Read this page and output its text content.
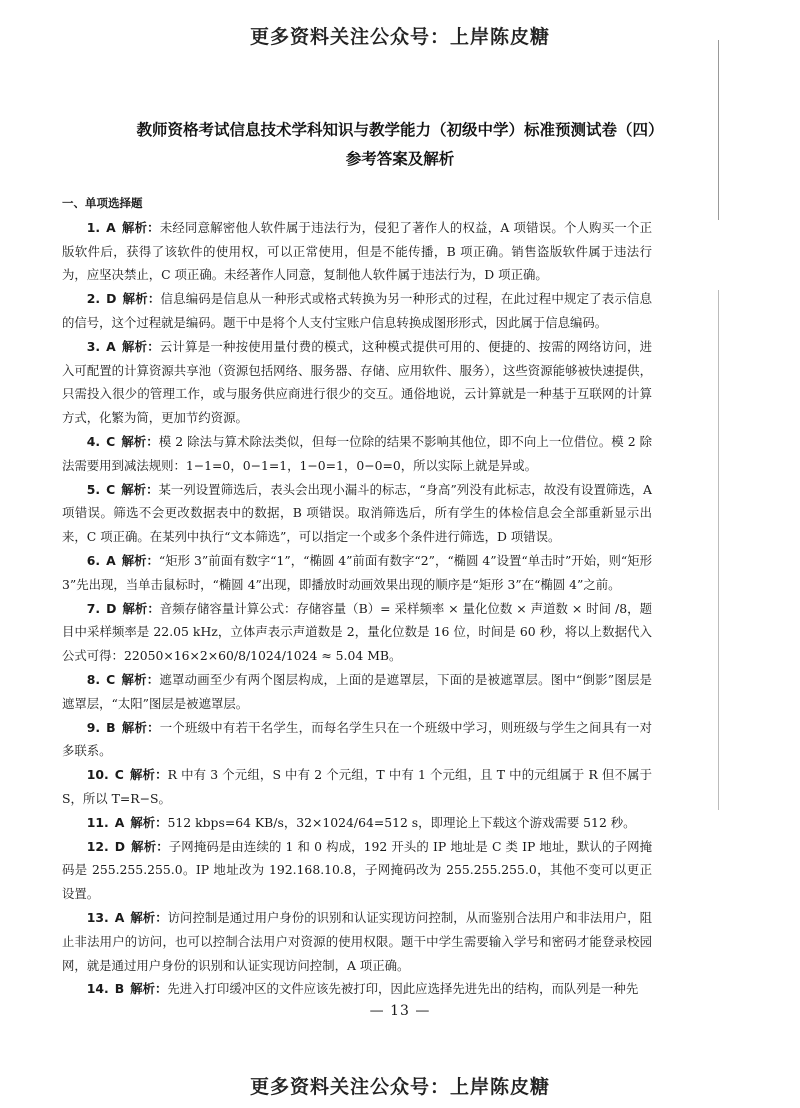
更多资料关注公众号：上岸陈皮糖
教师资格考试信息技术学科知识与教学能力（初级中学）标准预测试卷（四）
参考答案及解析

一、单项选择题

1. A 解析：未经同意解密他人软件属于违法行为，侵犯了著作人的权益，A 项错误。个人购买一个正版软件后，获得了该软件的使用权，可以正常使用，但是不能传播，B 项正确。销售盗版软件属于违法行为，应坚决禁止，C 项正确。未经著作人同意，复制他人软件属于违法行为，D 项正确。

2. D 解析：信息编码是信息从一种形式或格式转换为另一种形式的过程，在此过程中规定了表示信息的信号，这个过程就是编码。题干中是将个人支付宝账户信息转换成图形形式，因此属于信息编码。

3. A 解析：云计算是一种按使用量付费的模式，这种模式提供可用的、便捷的、按需的网络访问，进入可配置的计算资源共享池（资源包括网络、服务器、存储、应用软件、服务），这些资源能够被快速提供，只需投入很少的管理工作，或与服务供应商进行很少的交互。通俗地说，云计算就是一种基于互联网的计算方式，化繁为简，更加节约资源。

4. C 解析：模 2 除法与算术除法类似，但每一位除的结果不影响其他位，即不向上一位借位。模 2 除法需要用到减法规则：1−1=0，0−1=1，1−0=1，0−0=0，所以实际上就是异或。

5. C 解析：某一列设置筛选后，表头会出现小漏斗的标志，“身高”列没有此标志，故没有设置筛选，A 项错误。筛选不会更改数据表中的数据，B 项错误。取消筛选后，所有学生的体检信息会全部重新显示出来，C 项正确。在某列中执行“文本筛选”，可以指定一个或多个条件进行筛选，D 项错误。

6. A 解析：“矩形 3”前面有数字“1”，“椭圆 4”前面有数字“2”，“椭圆 4”设置“单击时”开始，则“矩形 3”先出现，当单击鼠标时，“椭圆 4”出现，即播放时动画效果出现的顺序是“矩形 3”在“椭圆 4”之前。

7. D 解析：音频存储容量计算公式：存储容量（B）= 采样频率 × 量化位数 × 声道数 × 时间 /8，题目中采样频率是 22.05 kHz，立体声表示声道数是 2，量化位数是 16 位，时间是 60 秒，将以上数据代入公式可得：22050×16×2×60/8/1024/1024 ≈ 5.04 MB。

8. C 解析：遮罩动画至少有两个图层构成，上面的是遮罩层，下面的是被遮罩层。图中“倒影”图层是遮罩层，“太阳”图层是被遮罩层。

9. B 解析：一个班级中有若干名学生，而每名学生只在一个班级中学习，则班级与学生之间具有一对多联系。

10. C 解析：R 中有 3 个元组，S 中有 2 个元组，T 中有 1 个元组，且 T 中的元组属于 R 但不属于 S，所以 T=R−S。

11. A 解析：512 kbps=64 KB/s，32×1024/64=512 s，即理论上下载这个游戏需要 512 秒。

12. D 解析：子网掩码是由连续的 1 和 0 构成，192 开头的 IP 地址是 C 类 IP 地址，默认的子网掩码是 255.255.255.0。IP 地址改为 192.168.10.8，子网掩码改为 255.255.255.0，其他不变可以更正设置。

13. A 解析：访问控制是通过用户身份的识别和认证实现访问控制，从而鉴别合法用户和非法用户，阻止非法用户的访问，也可以控制合法用户对资源的使用权限。题干中学生需要输入学号和密码才能登录校园网，就是通过用户身份的识别和认证实现访问控制，A 项正确。

14. B 解析：先进入打印缓冲区的文件应该先被打印，因此应选择先进先出的结构，而队列是一种先

— 13 —
更多资料关注公众号：上岸陈皮糖
